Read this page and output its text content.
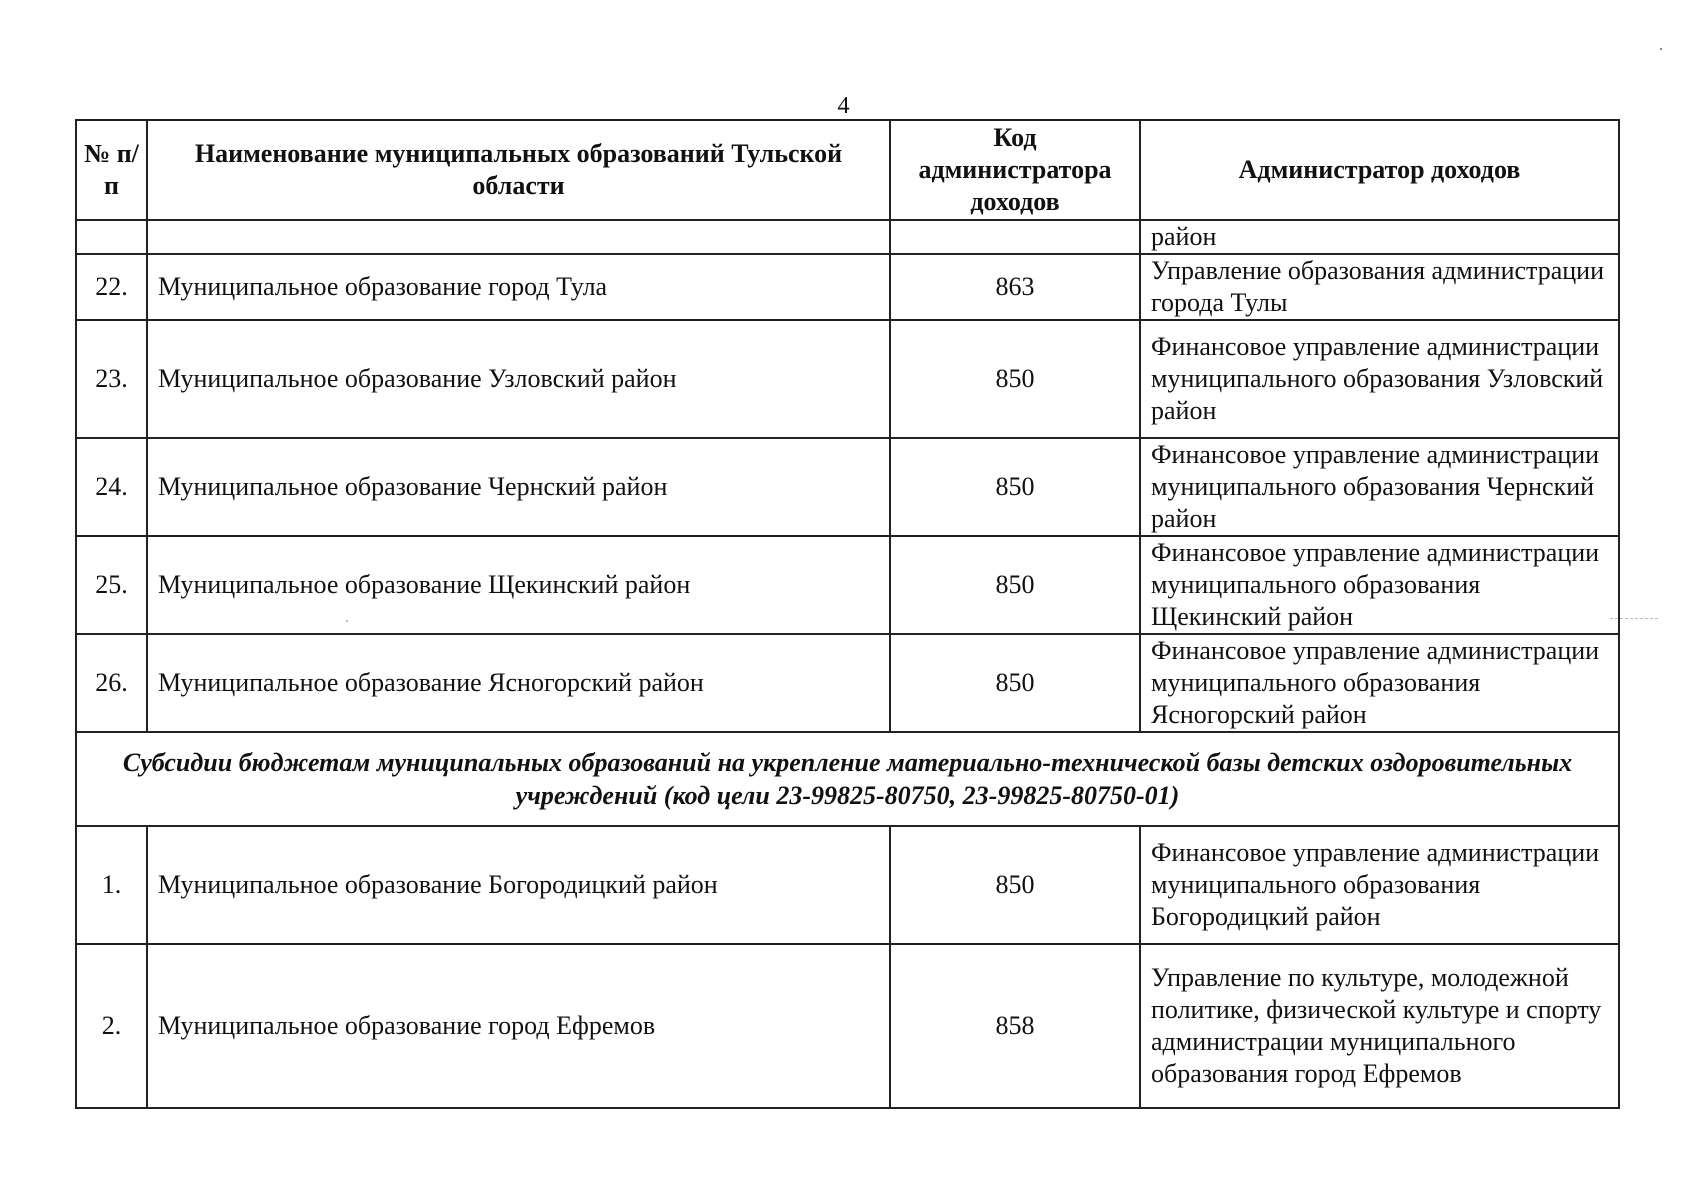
4
№ п/п	Наименование муниципальных образований Тульской области	Код администратора доходов	Администратор доходов
			район
22.	Муниципальное образование город Тула	863	Управление образования администрации города Тулы
23.	Муниципальное образование Узловский район	850	Финансовое управление администрации муниципального образования Узловский район
24.	Муниципальное образование Чернский район	850	Финансовое управление администрации муниципального образования Чернский район
25.	Муниципальное образование Щекинский район	850	Финансовое управление администрации муниципального образования Щекинский район
26.	Муниципальное образование Ясногорский район	850	Финансовое управление администрации муниципального образования Ясногорский район
Субсидии бюджетам муниципальных образований на укрепление материально-технической базы детских оздоровительных учреждений (код цели 23-99825-80750, 23-99825-80750-01)			
1.	Муниципальное образование Богородицкий район	850	Финансовое управление администрации муниципального образования Богородицкий район
2.	Муниципальное образование город Ефремов	858	Управление по культуре, молодежной политике, физической культуре и спорту администрации муниципального образования город Ефремов
